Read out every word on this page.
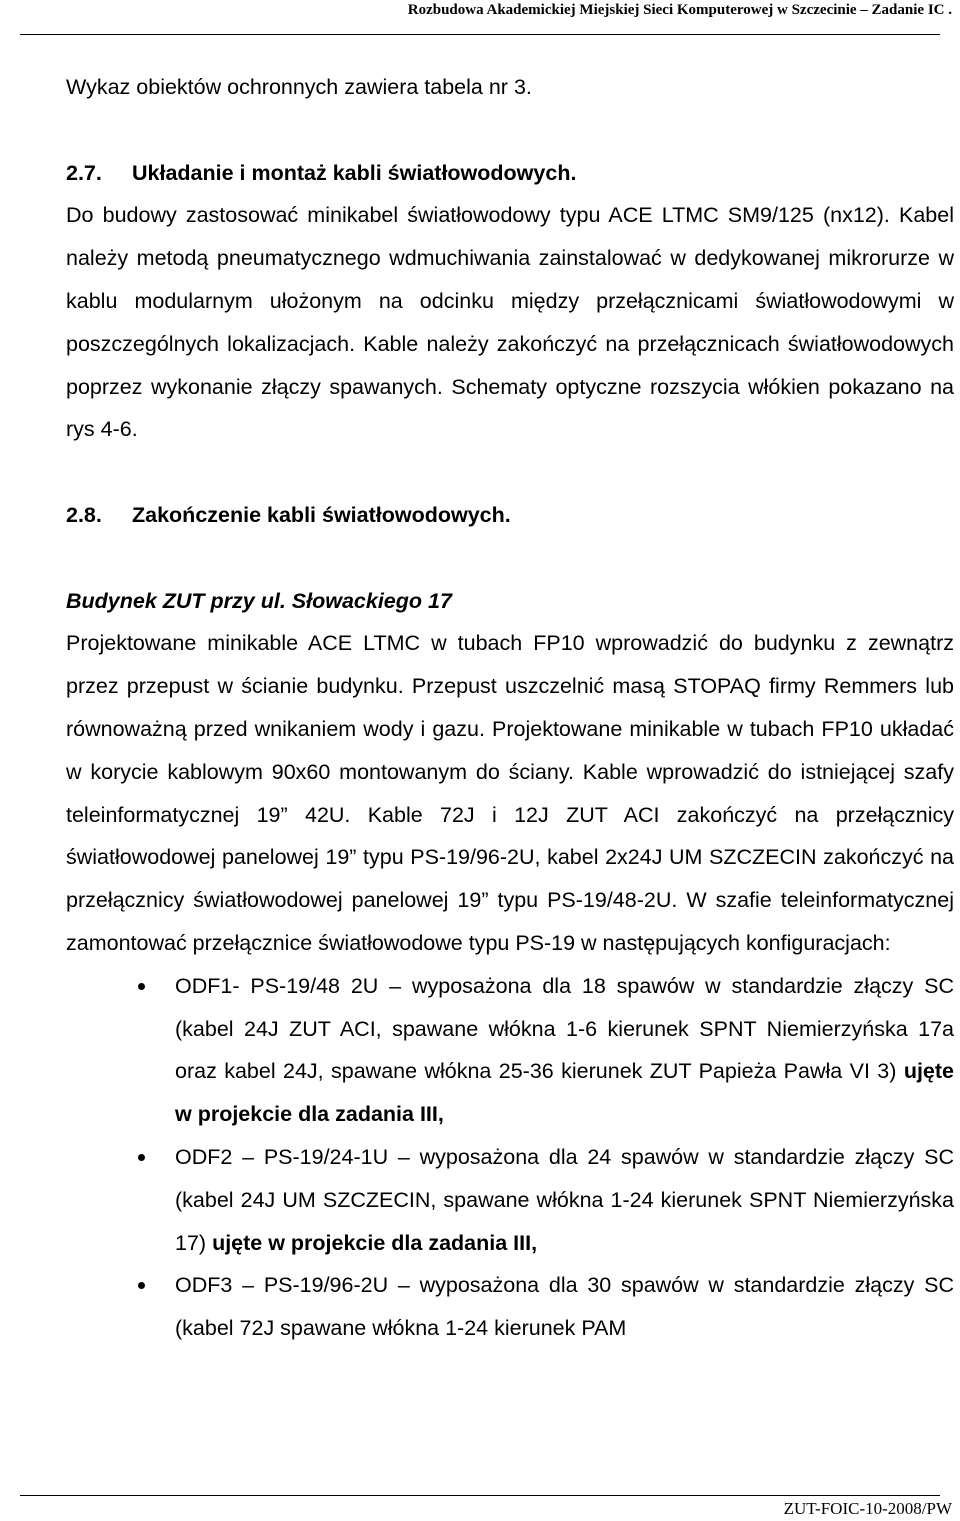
Rozbudowa Akademickiej Miejskiej Sieci Komputerowej w Szczecinie – Zadanie IC .

Wykaz obiektów ochronnych zawiera tabela nr 3.

2.7. Układanie i montaż kabli światłowodowych.

Do budowy zastosować minikabel światłowodowy typu ACE LTMC SM9/125 (nx12). Kabel należy metodą pneumatycznego wdmuchiwania zainstalować w dedykowanej mikrorurze w kablu modularnym ułożonym na odcinku między przełącznicami światłowodowymi w poszczególnych lokalizacjach. Kable należy zakończyć na przełącznicach światłowodowych poprzez wykonanie złączy spawanych. Schematy optyczne rozszycia włókien pokazano na rys 4-6.

2.8. Zakończenie kabli światłowodowych.

Budynek ZUT przy ul. Słowackiego 17

Projektowane minikable ACE LTMC w tubach FP10 wprowadzić do budynku z zewnątrz przez przepust w ścianie budynku. Przepust uszczelnić masą STOPAQ firmy Remmers lub równoważną przed wnikaniem wody i gazu. Projektowane minikable w tubach FP10 układać w korycie kablowym 90x60 montowanym do ściany. Kable wprowadzić do istniejącej szafy teleinformatycznej 19” 42U. Kable 72J i 12J ZUT ACI zakończyć na przełącznicy światłowodowej panelowej 19” typu PS-19/96-2U, kabel 2x24J UM SZCZECIN zakończyć na przełącznicy światłowodowej panelowej 19” typu PS-19/48-2U. W szafie teleinformatycznej zamontować przełącznice światłowodowe typu PS-19 w następujących konfiguracjach:

ODF1- PS-19/48 2U – wyposażona dla 18 spawów w standardzie złączy SC (kabel 24J ZUT ACI, spawane włókna 1-6 kierunek SPNT Niemierzyńska 17a oraz kabel 24J, spawane włókna 25-36 kierunek ZUT Papieża Pawła VI 3) ujęte w projekcie dla zadania III,
ODF2 – PS-19/24-1U – wyposażona dla 24 spawów w standardzie złączy SC (kabel 24J UM SZCZECIN, spawane włókna 1-24 kierunek SPNT Niemierzyńska 17) ujęte w projekcie dla zadania III,
ODF3 – PS-19/96-2U – wyposażona dla 30 spawów w standardzie złączy SC (kabel 72J spawane włókna 1-24 kierunek PAM
ZUT-FOIC-10-2008/PW
